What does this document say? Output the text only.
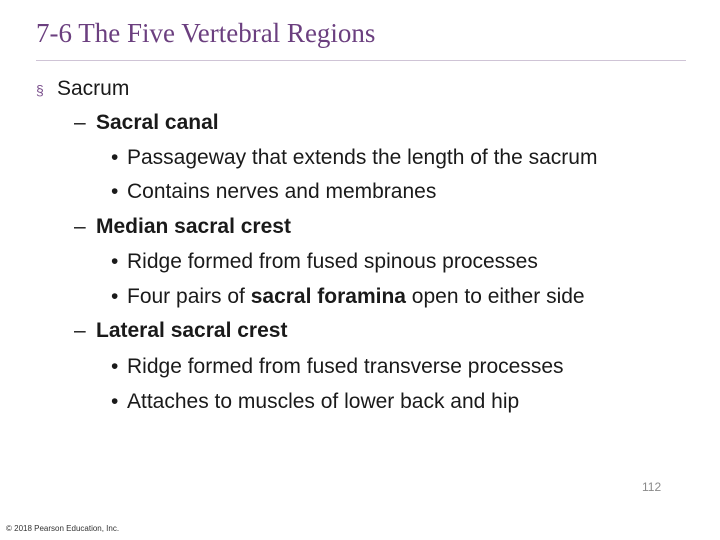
7-6 The Five Vertebral Regions
§ Sacrum
– Sacral canal
• Passageway that extends the length of the sacrum
• Contains nerves and membranes
– Median sacral crest
• Ridge formed from fused spinous processes
• Four pairs of sacral foramina open to either side
– Lateral sacral crest
• Ridge formed from fused transverse processes
• Attaches to muscles of lower back and hip
112
© 2018 Pearson Education, Inc.
